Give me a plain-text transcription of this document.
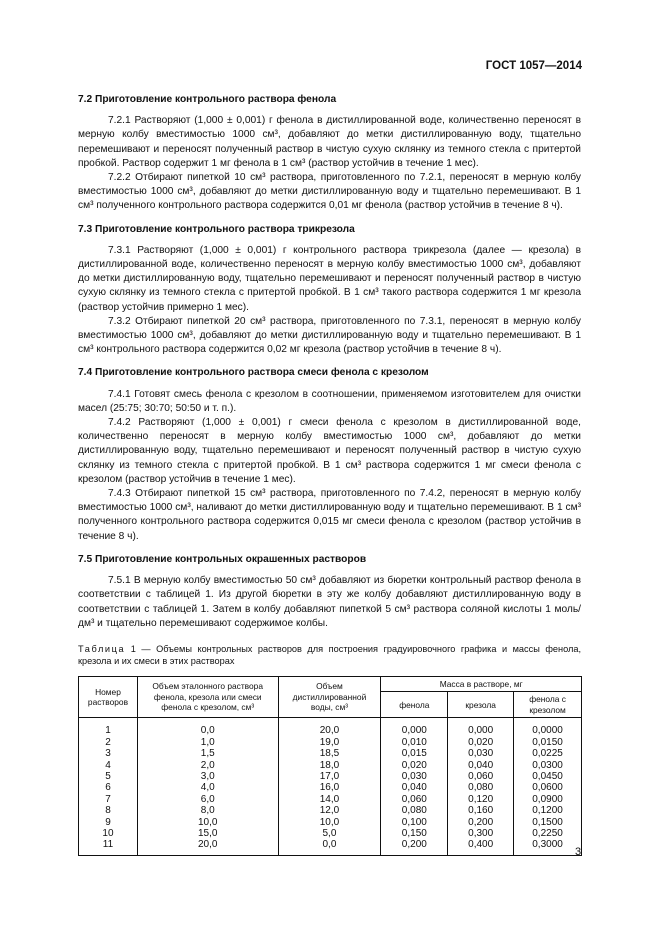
ГОСТ 1057—2014

7.2 Приготовление контрольного раствора фенола

7.2.1 Растворяют (1,000 ± 0,001) г фенола в дистиллированной воде, количественно переносят в мерную колбу вместимостью 1000 см³, добавляют до метки дистиллированную воду, тщательно перемешивают и переносят полученный раствор в чистую сухую склянку из темного стекла с притертой пробкой. Раствор содержит 1 мг фенола в 1 см³ (раствор устойчив в течение 1 мес).

7.2.2 Отбирают пипеткой 10 см³ раствора, приготовленного по 7.2.1, переносят в мерную колбу вместимостью 1000 см³, добавляют до метки дистиллированную воду и тщательно перемешивают. В 1 см³ полученного контрольного раствора содержится 0,01 мг фенола (раствор устойчив в течение 8 ч).

7.3 Приготовление контрольного раствора трикрезола

7.3.1 Растворяют (1,000 ± 0,001) г контрольного раствора трикрезола (далее — крезола) в дистиллированной воде, количественно переносят в мерную колбу вместимостью 1000 см³, добавляют до метки дистиллированную воду, тщательно перемешивают и переносят полученный раствор в чистую сухую склянку из темного стекла с притертой пробкой. В 1 см³ такого раствора содержится 1 мг крезола (раствор устойчив примерно 1 мес).

7.3.2 Отбирают пипеткой 20 см³ раствора, приготовленного по 7.3.1, переносят в мерную колбу вместимостью 1000 см³, добавляют до метки дистиллированную воду и тщательно перемешивают. В 1 см³ контрольного раствора содержится 0,02 мг крезола (раствор устойчив в течение 8 ч).

7.4 Приготовление контрольного раствора смеси фенола с крезолом

7.4.1 Готовят смесь фенола с крезолом в соотношении, применяемом изготовителем для очистки масел (25:75; 30:70; 50:50 и т. п.).

7.4.2 Растворяют (1,000 ± 0,001) г смеси фенола с крезолом в дистиллированной воде, количественно переносят в мерную колбу вместимостью 1000 см³, добавляют до метки дистиллированную воду, тщательно перемешивают и переносят полученный раствор в чистую сухую склянку из темного стекла с притертой пробкой. В 1 см³ раствора содержится 1 мг смеси фенола с крезолом (раствор устойчив в течение 1 мес).

7.4.3 Отбирают пипеткой 15 см³ раствора, приготовленного по 7.4.2, переносят в мерную колбу вместимостью 1000 см³, наливают до метки дистиллированную воду и тщательно перемешивают. В 1 см³ полученного контрольного раствора содержится 0,015 мг смеси фенола с крезолом (раствор устойчив в течение 8 ч).

7.5 Приготовление контрольных окрашенных растворов

7.5.1 В мерную колбу вместимостью 50 см³ добавляют из бюретки контрольный раствор фенола в соответствии с таблицей 1. Из другой бюретки в эту же колбу добавляют дистиллированную воду в соответствии с таблицей 1. Затем в колбу добавляют пипеткой 5 см³ раствора соляной кислоты 1 моль/дм³ и тщательно перемешивают содержимое колбы.

Таблица 1 — Объемы контрольных растворов для построения градуировочного графика и массы фенола, крезола и их смеси в этих растворах

Номер растворов	Объем эталонного раствора фенола, крезола или смеси фенола с крезолом, см³	Объем дистиллированной воды, см³	Масса в растворе, мг		
			фенола	крезола	фенола с крезолом
1	0,0	20,0	0,000	0,000	0,0000
2	1,0	19,0	0,010	0,020	0,0150
3	1,5	18,5	0,015	0,030	0,0225
4	2,0	18,0	0,020	0,040	0,0300
5	3,0	17,0	0,030	0,060	0,0450
6	4,0	16,0	0,040	0,080	0,0600
7	6,0	14,0	0,060	0,120	0,0900
8	8,0	12,0	0,080	0,160	0,1200
9	10,0	10,0	0,100	0,200	0,1500
10	15,0	5,0	0,150	0,300	0,2250
11	20,0	0,0	0,200	0,400	0,3000
3
